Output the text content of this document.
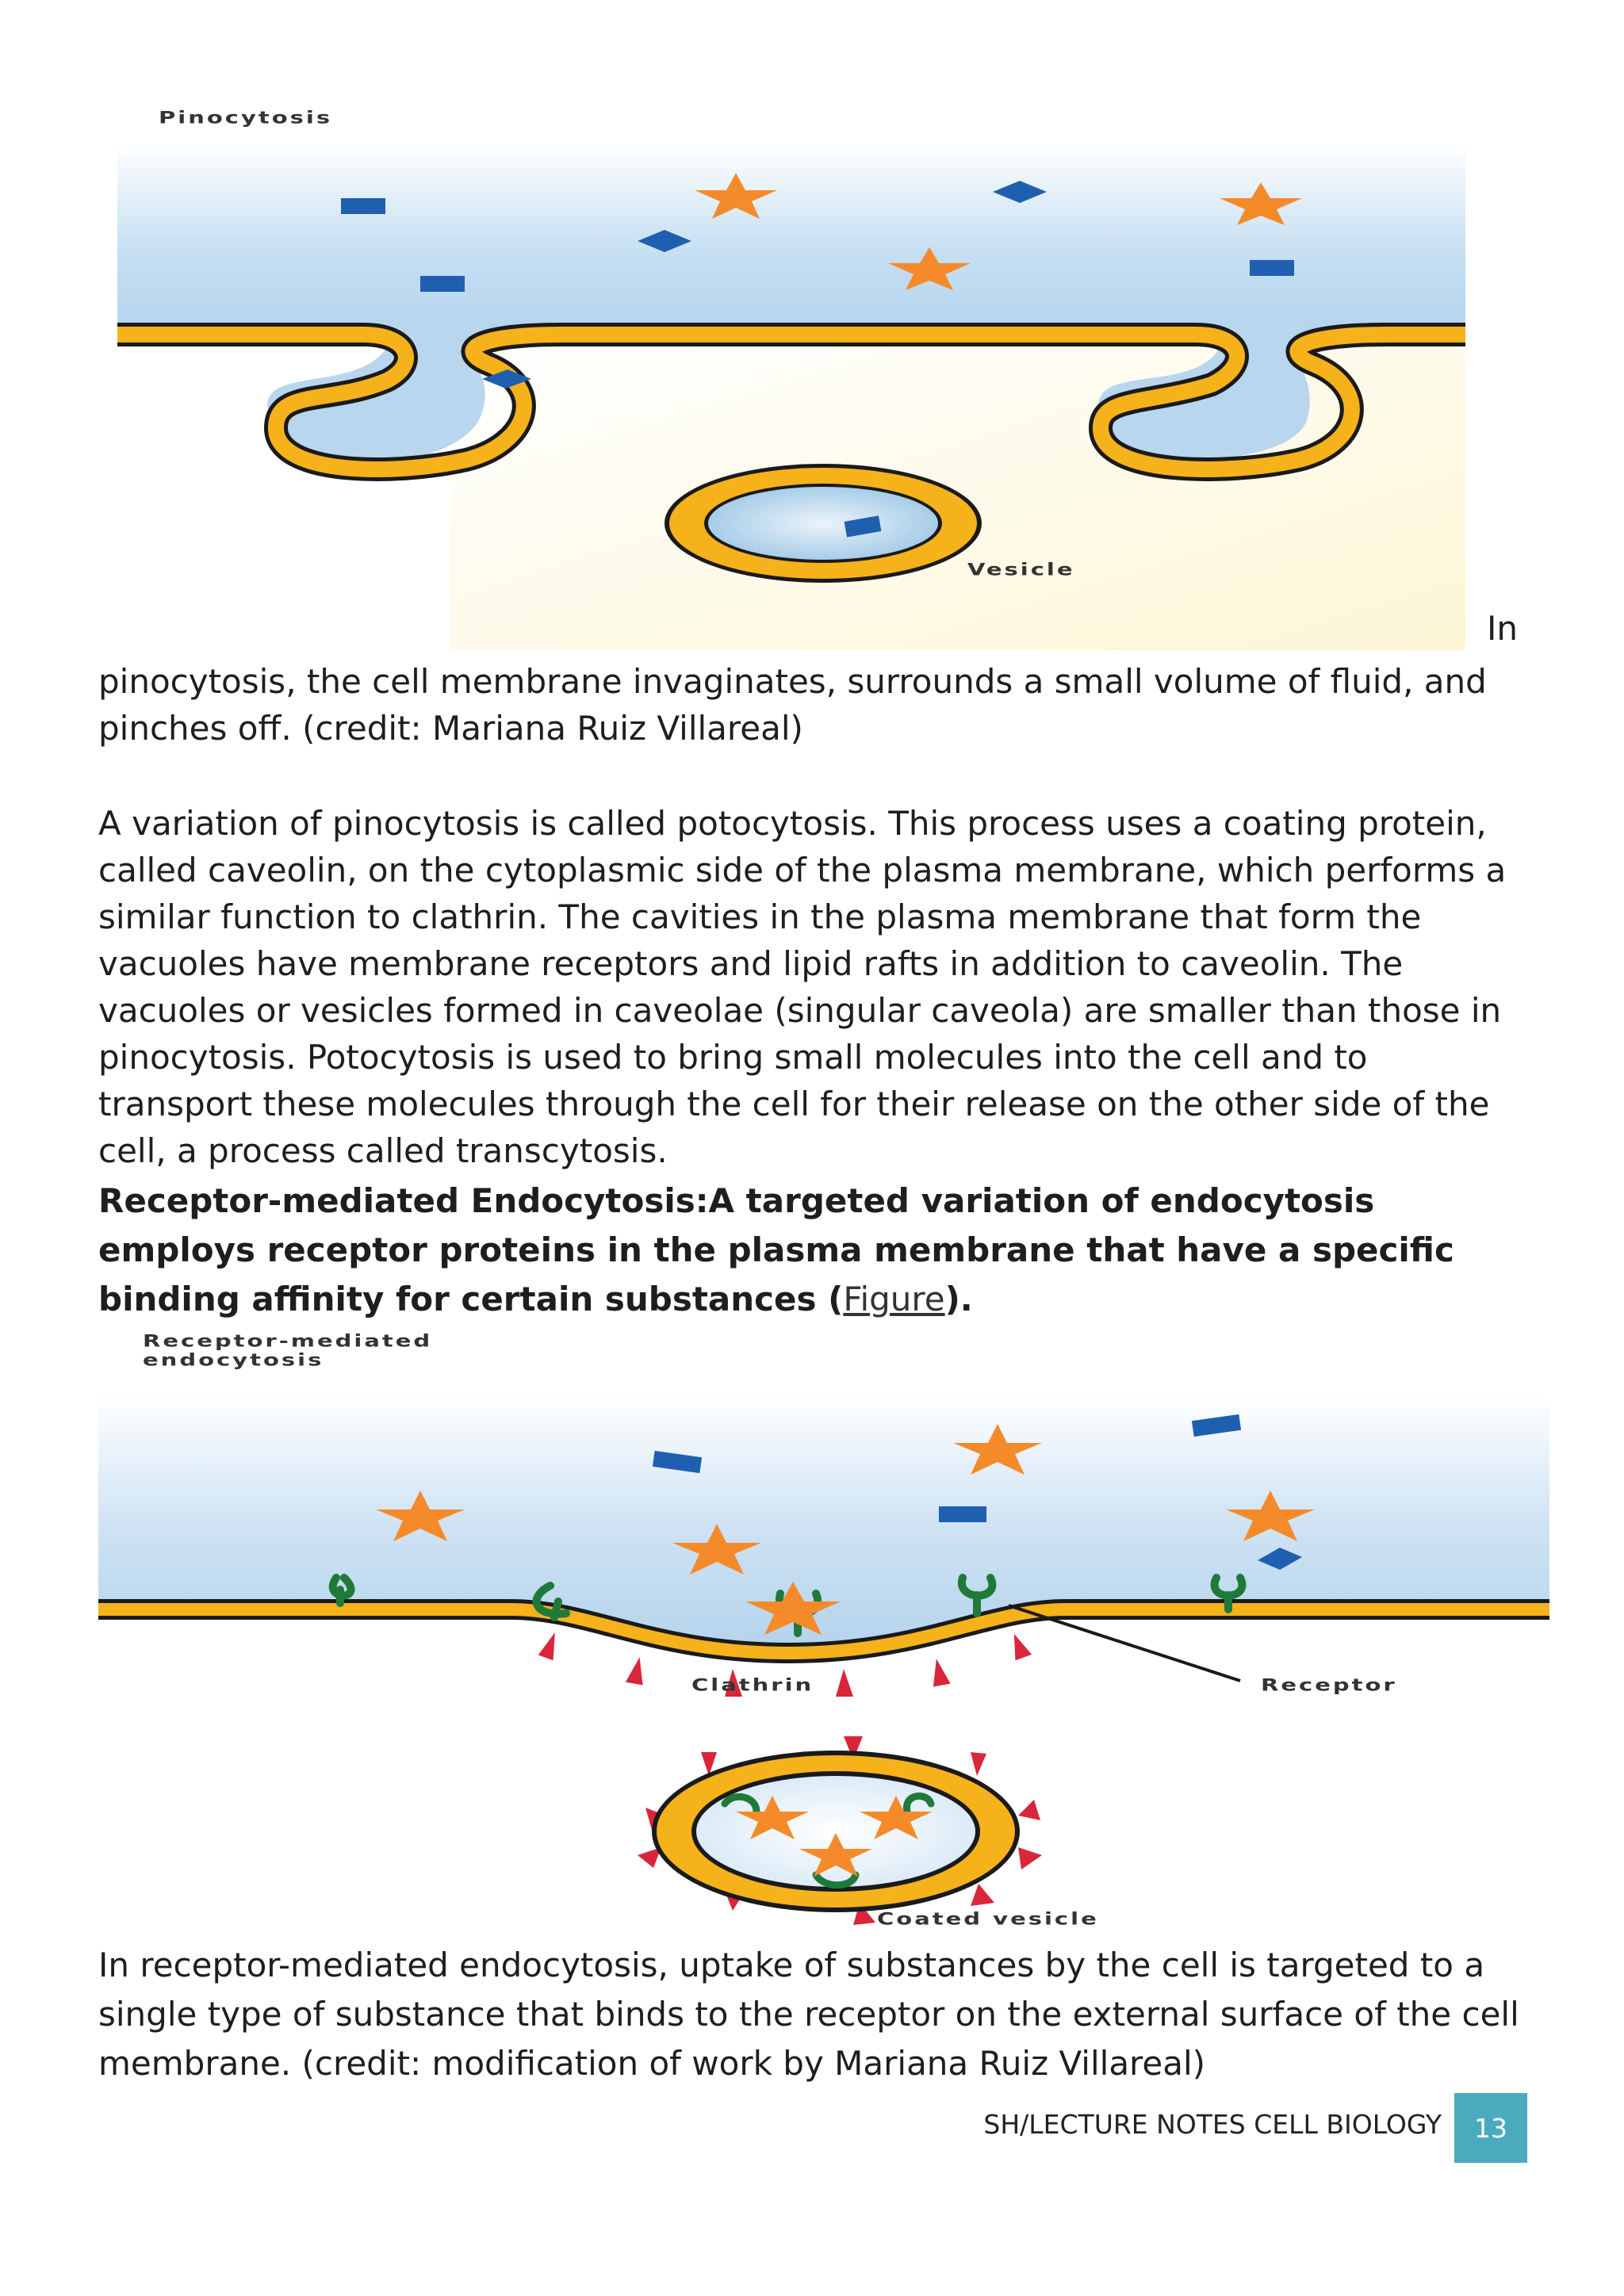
Pinocytosis
Vesicle
In

pinocytosis, the cell membrane invaginates, surrounds a small volume of fluid, and pinches off. (credit: Mariana Ruiz Villareal)

A variation of pinocytosis is called potocytosis. This process uses a coating protein, called caveolin, on the cytoplasmic side of the plasma membrane, which performs a similar function to clathrin. The cavities in the plasma membrane that form the vacuoles have membrane receptors and lipid rafts in addition to caveolin. The vacuoles or vesicles formed in caveolae (singular caveola) are smaller than those in pinocytosis. Potocytosis is used to bring small molecules into the cell and to transport these molecules through the cell for their release on the other side of the cell, a process called transcytosis.

Receptor-mediated Endocytosis:A targeted variation of endocytosis employs receptor proteins in the plasma membrane that have a specific binding affinity for certain substances (Figure).

Receptor-mediated
endocytosis
Clathrin	Receptor
Coated vesicle

In receptor-mediated endocytosis, uptake of substances by the cell is targeted to a single type of substance that binds to the receptor on the external surface of the cell membrane. (credit: modification of work by Mariana Ruiz Villareal)

SH/LECTURE NOTES CELL BIOLOGY	13
